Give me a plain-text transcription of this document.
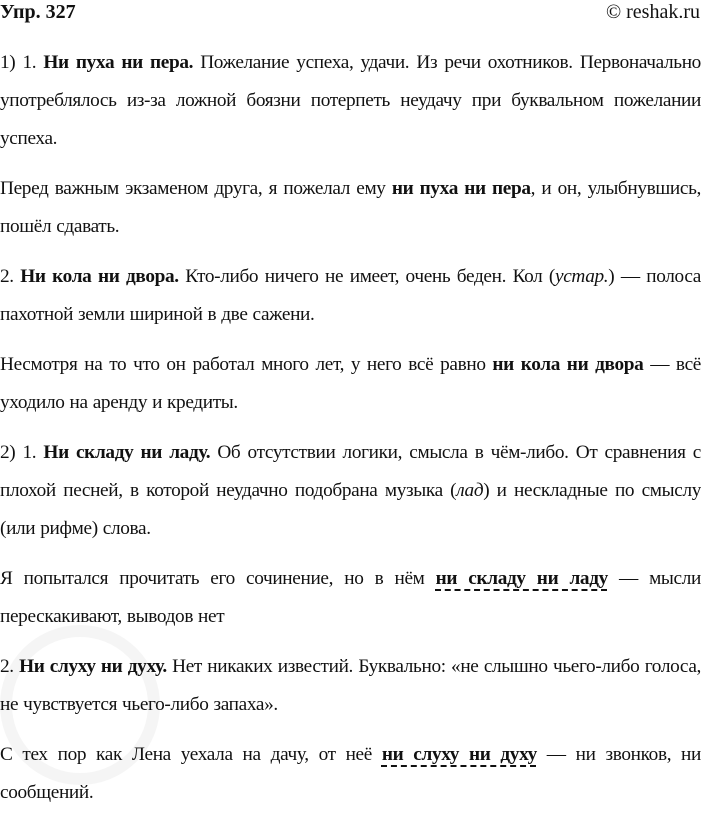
Упр. 327	© reshak.ru

1) 1. Ни пуха ни пера. Пожелание успеха, удачи. Из речи охотников. Первоначально употреблялось из-за ложной боязни потерпеть неудачу при буквальном пожелании успеха.

Перед важным экзаменом друга, я пожелал ему ни пуха ни пера, и он, улыбнувшись, пошёл сдавать.

2. Ни кола ни двора. Кто-либо ничего не имеет, очень беден. Кол (устар.) — полоса пахотной земли шириной в две сажени.

Несмотря на то что он работал много лет, у него всё равно ни кола ни двора — всё уходило на аренду и кредиты.

2) 1. Ни складу ни ладу. Об отсутствии логики, смысла в чём-либо. От сравнения с плохой песней, в которой неудачно подобрана музыка (лад) и нескладные по смыслу (или рифме) слова.

Я попытался прочитать его сочинение, но в нём ни складу ни ладу — мысли перескакивают, выводов нет

2. Ни слуху ни духу. Нет никаких известий. Буквально: «не слышно чьего-либо голоса, не чувствуется чьего-либо запаха».

С тех пор как Лена уехала на дачу, от неё ни слуху ни духу — ни звонков, ни сообщений.
